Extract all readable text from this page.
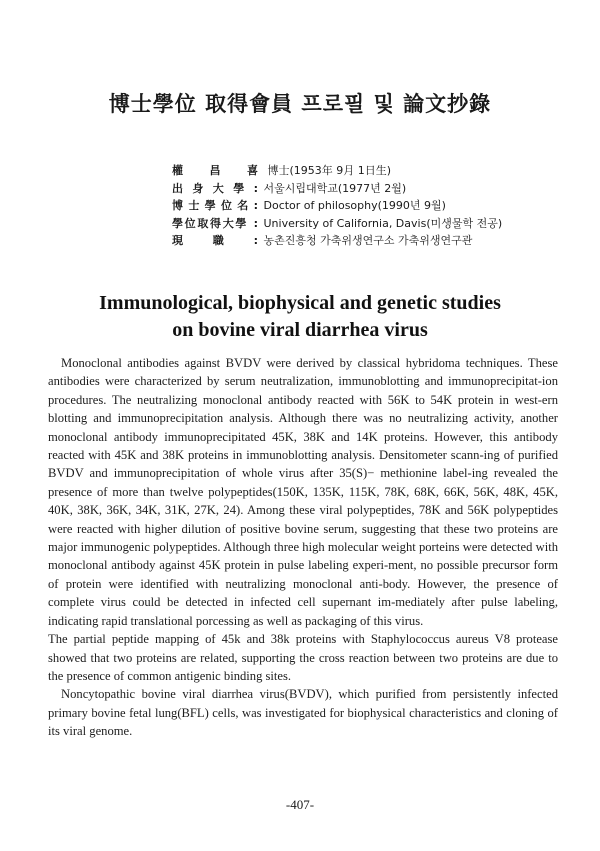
博士學位 取得會員 프로필 및 論文抄錄
權 昌 喜 博士(1953年 9月 1日生)
出 身 大 學 : 서울시립대학교(1977년 2월)
博 士 學 位 名 : Doctor of philosophy(1990년 9월)
學位取得大學 : University of California, Davis(미생물학 전공)
現 職 : 농촌진흥청 가축위생연구소 가축위생연구관
Immunological, biophysical and genetic studies
on bovine viral diarrhea virus

Monoclonal antibodies against BVDV were derived by classical hybridoma techniques. These antibodies were characterized by serum neutralization, immunoblotting and immunoprecipitat-ion procedures. The neutralizing monoclonal antibody reacted with 56K to 54K protein in west-ern blotting and immunoprecipitation analysis. Although there was no neutralizing activity, another monoclonal antibody immunoprecipitated 45K, 38K and 14K proteins. However, this antibody reacted with 45K and 38K proteins in immunoblotting analysis. Densitometer scann-ing of purified BVDV and immunoprecipitation of whole virus after 35(S)− methionine label-ing revealed the presence of more than twelve polypeptides(150K, 135K, 115K, 78K, 68K, 66K, 56K, 48K, 45K, 40K, 38K, 36K, 34K, 31K, 27K, 24). Among these viral polypeptides, 78K and 56K polypeptides were reacted with higher dilution of positive bovine serum, suggesting that these two proteins are major immunogenic polypeptides. Although three high molecular weight porteins were detected with monoclonal antibody against 45K protein in pulse labeling experi-ment, no possible precursor form of protein were identified with neutralizing monoclonal anti-body. However, the presence of complete virus could be detected in infected cell supernant im-mediately after pulse labeling, indicating rapid translational porcessing as well as packaging of this virus.

The partial peptide mapping of 45k and 38k proteins with Staphylococcus aureus V8 protease showed that two proteins are related, supporting the cross reaction between two proteins are due to the presence of common antigenic binding sites.

Noncytopathic bovine viral diarrhea virus(BVDV), which purified from persistently infected primary bovine fetal lung(BFL) cells, was investigated for biophysical characteristics and cloning of its viral genome.

-407-
